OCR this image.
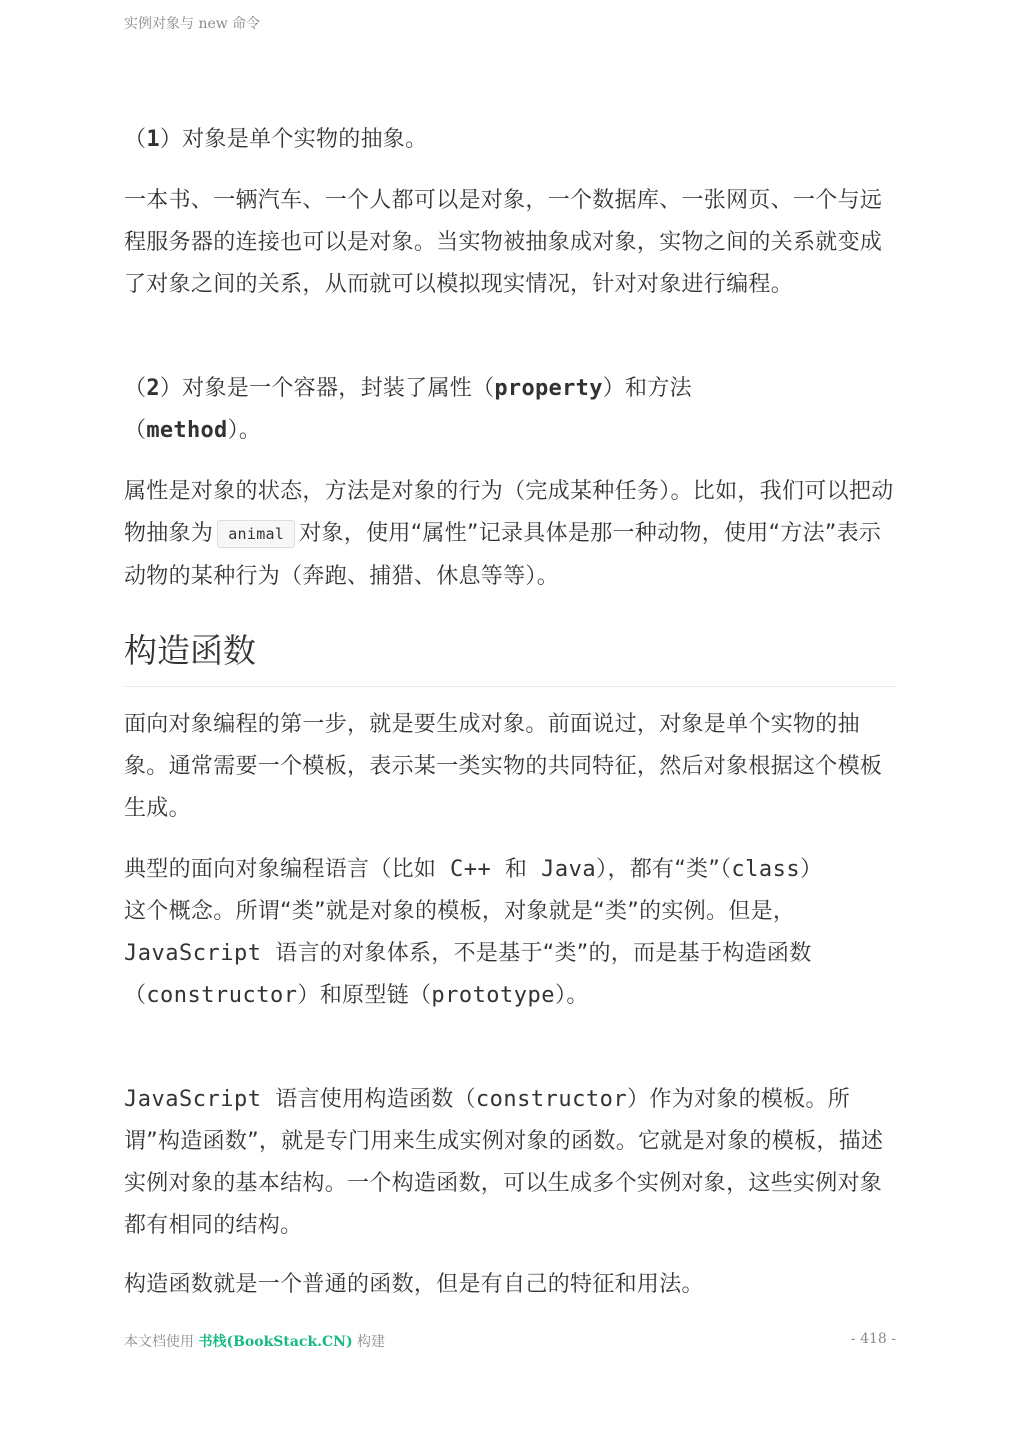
实例对象与 new 命令

（1）对象是单个实物的抽象。

一本书、一辆汽车、一个人都可以是对象，一个数据库、一张网页、一个与远程服务器的连接也可以是对象。当实物被抽象成对象，实物之间的关系就变成了对象之间的关系，从而就可以模拟现实情况，针对对象进行编程。

（2）对象是一个容器，封装了属性（property）和方法（method）。

属性是对象的状态，方法是对象的行为（完成某种任务）。比如，我们可以把动物抽象为 animal 对象，使用“属性”记录具体是那一种动物，使用“方法”表示动物的某种行为（奔跑、捕猎、休息等等）。

构造函数

面向对象编程的第一步，就是要生成对象。前面说过，对象是单个实物的抽象。通常需要一个模板，表示某一类实物的共同特征，然后对象根据这个模板生成。

典型的面向对象编程语言（比如 C++ 和 Java），都有“类”（class）这个概念。所谓“类”就是对象的模板，对象就是“类”的实例。但是，JavaScript 语言的对象体系，不是基于“类”的，而是基于构造函数（constructor）和原型链（prototype）。

JavaScript 语言使用构造函数（constructor）作为对象的模板。所谓”构造函数”，就是专门用来生成实例对象的函数。它就是对象的模板，描述实例对象的基本结构。一个构造函数，可以生成多个实例对象，这些实例对象都有相同的结构。

构造函数就是一个普通的函数，但是有自己的特征和用法。

本文档使用 书栈(BookStack.CN) 构建	- 418 -
